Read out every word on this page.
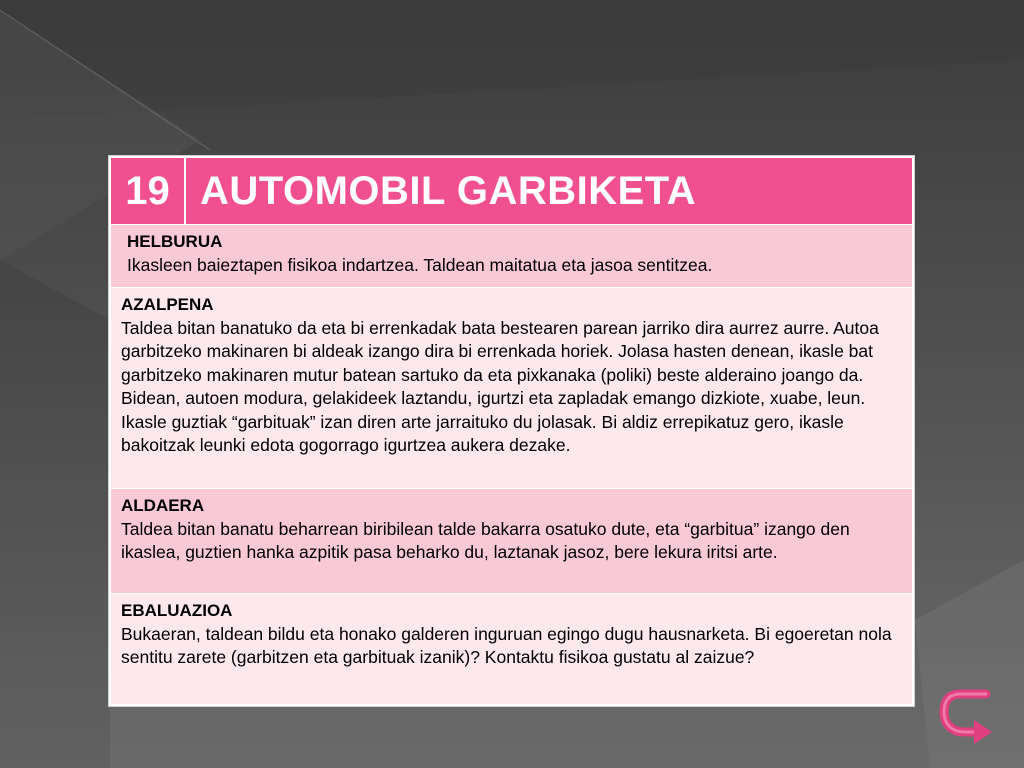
19 AUTOMOBIL GARBIKETA
HELBURUA
Ikasleen baieztapen fisikoa indartzea. Taldean maitatua eta jasoa sentitzea.
AZALPENA
Taldea bitan banatuko da eta bi errenkadak bata bestearen parean jarriko dira aurrez aurre. Autoa garbitzeko makinaren bi aldeak izango dira bi errenkada horiek. Jolasa hasten denean, ikasle bat garbitzeko makinaren mutur batean sartuko da eta pixkanaka (poliki) beste alderaino joango da. Bidean, autoen modura, gelakideek laztandu, igurtzi eta zapladak emango dizkiote, xuabe, leun. Ikasle guztiak “garbituak” izan diren arte jarraituko du jolasak. Bi aldiz errepikatuz gero, ikasle bakoitzak leunki edota gogorrago igurtzea aukera dezake.
ALDAERA
Taldea bitan banatu beharrean biribilean talde bakarra osatuko dute, eta “garbitua” izango den ikaslea, guztien hanka azpitik pasa beharko du, laztanak jasoz, bere lekura iritsi arte.
EBALUAZIOA
Bukaeran, taldean bildu eta honako galderen inguruan egingo dugu hausnarketa. Bi egoeretan nola sentitu zarete (garbitzen eta garbituak izanik)? Kontaktu fisikoa gustatu al zaizue?
